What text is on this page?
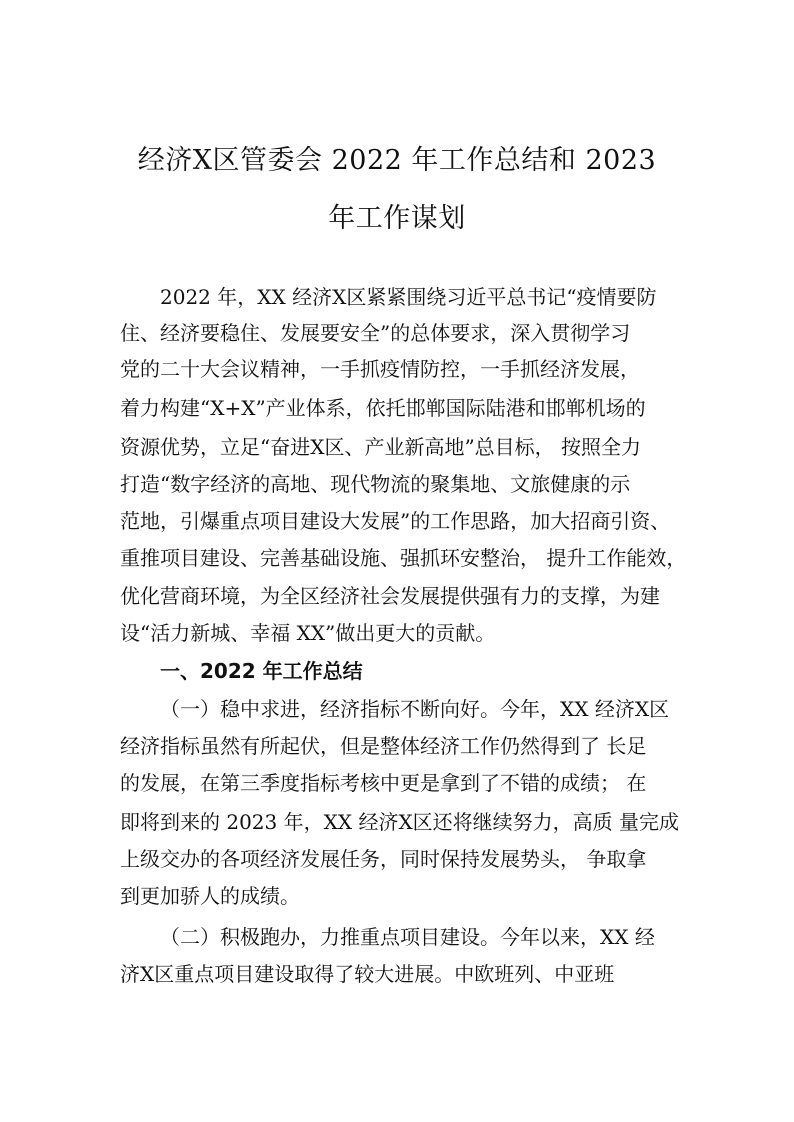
经济X区管委会 2022 年工作总结和 2023
年工作谋划
2022 年，XX 经济X区紧紧围绕习近平总书记“疫情要防
住、经济要稳住、发展要安全”的总体要求，深入贯彻学习
党的二十大会议精神，一手抓疫情防控，一手抓经济发展，
着力构建“X+X”产业体系，依托邯郸国际陆港和邯郸机场的
资源优势，立足“奋进X区、产业新高地”总目标， 按照全力
打造“数字经济的高地、现代物流的聚集地、文旅健康的示
范地，引爆重点项目建设大发展”的工作思路，加大招商引资、
重推项目建设、完善基础设施、强抓环安整治， 提升工作能效，
优化营商环境，为全区经济社会发展提供强有力的支撑，为建
设“活力新城、幸福 XX”做出更大的贡献。
一、2022 年工作总结
（一）稳中求进，经济指标不断向好。今年，XX 经济X区
经济指标虽然有所起伏，但是整体经济工作仍然得到了 长足
的发展，在第三季度指标考核中更是拿到了不错的成绩； 在
即将到来的 2023 年，XX 经济X区还将继续努力，高质 量完成
上级交办的各项经济发展任务，同时保持发展势头， 争取拿
到更加骄人的成绩。
（二）积极跑办，力推重点项目建设。今年以来，XX 经
济X区重点项目建设取得了较大进展。中欧班列、中亚班
